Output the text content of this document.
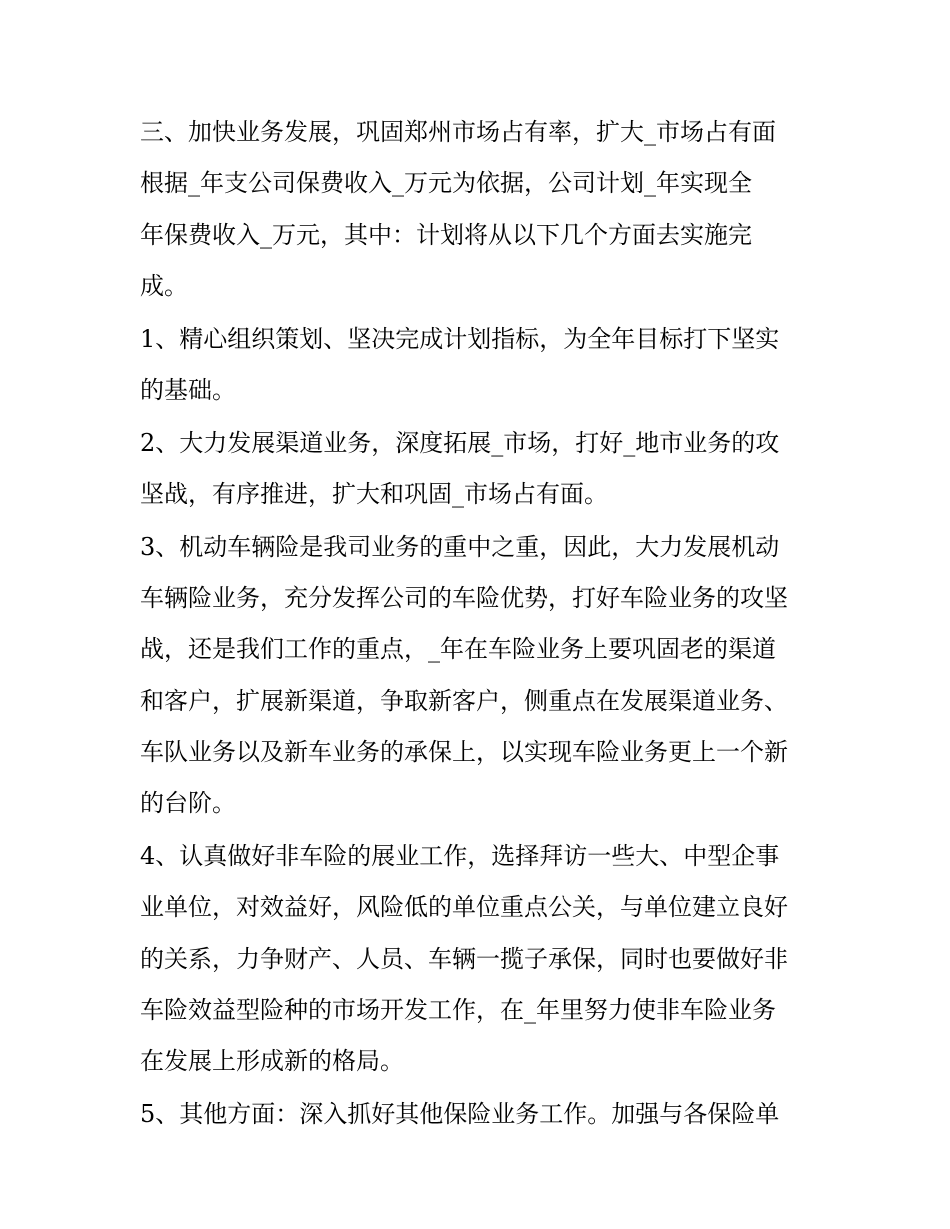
三、加快业务发展，巩固郑州市场占有率，扩大_市场占有面
根据_年支公司保费收入_万元为依据，公司计划_年实现全
年保费收入_万元，其中：计划将从以下几个方面去实施完
成。
1、精心组织策划、坚决完成计划指标，为全年目标打下坚实
的基础。
2、大力发展渠道业务，深度拓展_市场，打好_地市业务的攻
坚战，有序推进，扩大和巩固_市场占有面。
3、机动车辆险是我司业务的重中之重，因此，大力发展机动
车辆险业务，充分发挥公司的车险优势，打好车险业务的攻坚
战，还是我们工作的重点，_年在车险业务上要巩固老的渠道
和客户，扩展新渠道，争取新客户，侧重点在发展渠道业务、
车队业务以及新车业务的承保上，以实现车险业务更上一个新
的台阶。
4、认真做好非车险的展业工作，选择拜访一些大、中型企事
业单位，对效益好，风险低的单位重点公关，与单位建立良好
的关系，力争财产、人员、车辆一揽子承保，同时也要做好非
车险效益型险种的市场开发工作，在_年里努力使非车险业务
在发展上形成新的格局。
5、其他方面：深入抓好其他保险业务工作。加强与各保险单
